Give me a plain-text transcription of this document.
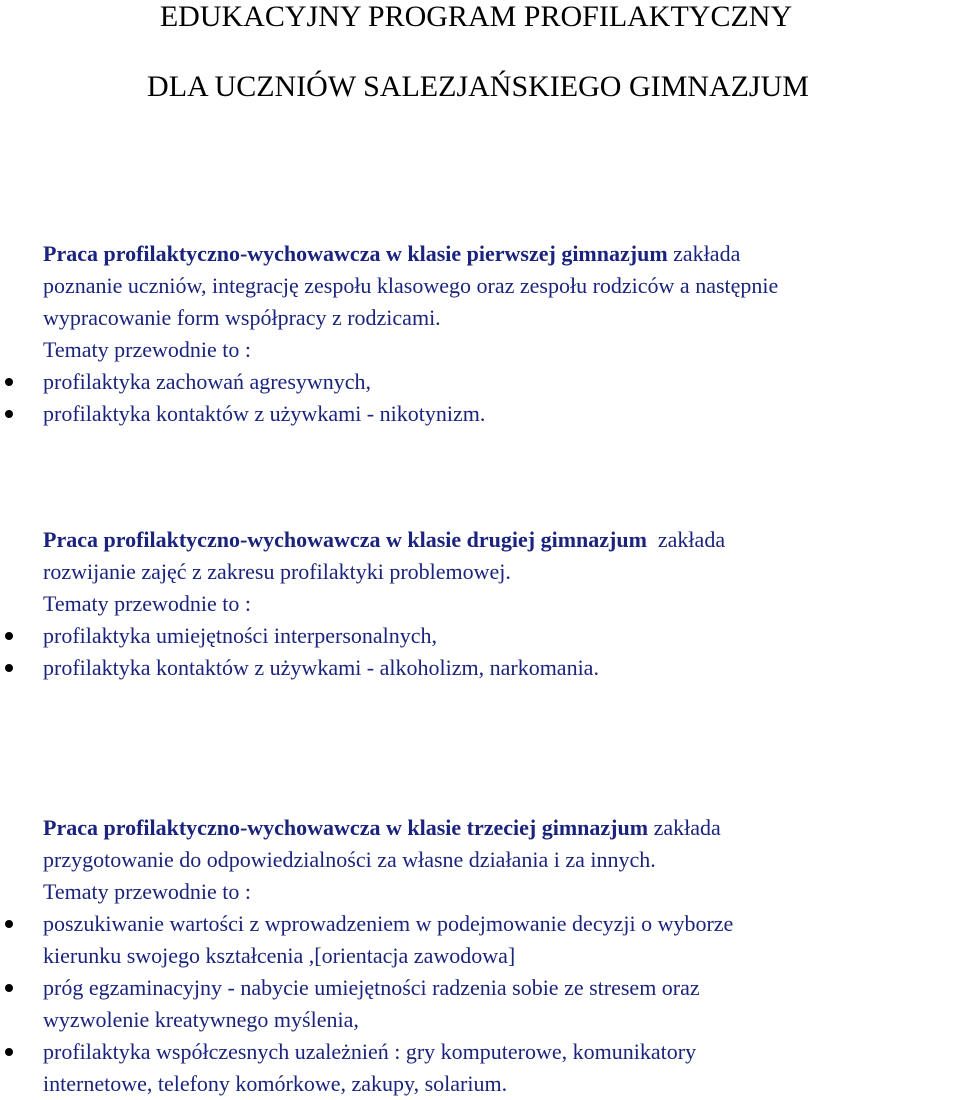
EDUKACYJNY PROGRAM PROFILAKTYCZNY
DLA UCZNIÓW SALEZJAŃSKIEGO GIMNAZJUM
Praca profilaktyczno-wychowawcza w klasie pierwszej gimnazjum zakłada
poznanie uczniów, integrację zespołu klasowego oraz zespołu rodziców a następnie
wypracowanie form współpracy z rodzicami.
Tematy przewodnie to :
profilaktyka zachowań agresywnych,
profilaktyka kontaktów z używkami - nikotynizm.
Praca profilaktyczno-wychowawcza w klasie drugiej gimnazjum  zakłada
rozwijanie zajęć z zakresu profilaktyki problemowej.
Tematy przewodnie to :
profilaktyka umiejętności interpersonalnych,
profilaktyka kontaktów z używkami - alkoholizm, narkomania.
Praca profilaktyczno-wychowawcza w klasie trzeciej gimnazjum zakłada
przygotowanie do odpowiedzialności za własne działania i za innych.
Tematy przewodnie to :
poszukiwanie wartości z wprowadzeniem w podejmowanie decyzji o wyborze
kierunku swojego kształcenia ,[orientacja zawodowa]
próg egzaminacyjny - nabycie umiejętności radzenia sobie ze stresem oraz
wyzwolenie kreatywnego myślenia,
profilaktyka współczesnych uzależnień : gry komputerowe, komunikatory
internetowe, telefony komórkowe, zakupy, solarium.
